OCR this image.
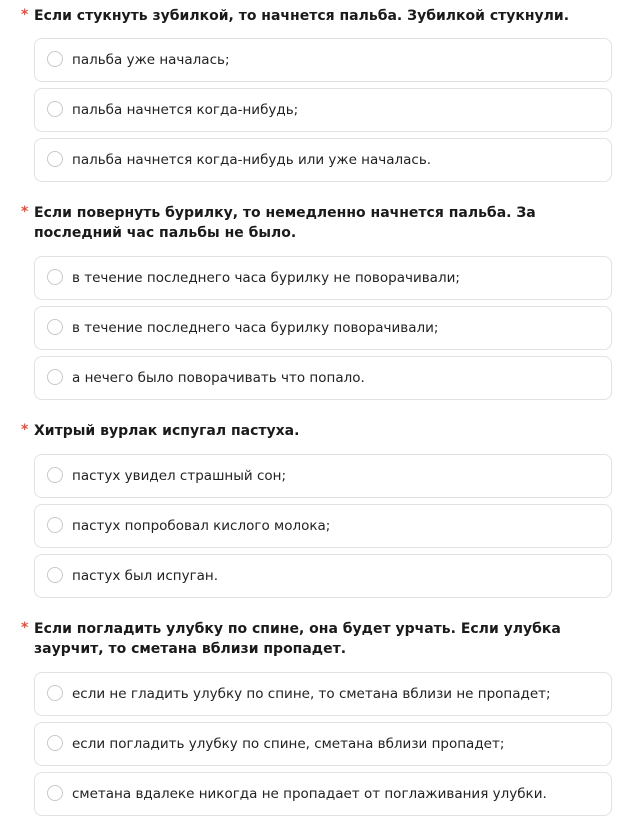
* Если стукнуть зубилкой, то начнется пальба. Зубилкой стукнули.
пальба уже началась;
пальба начнется когда-нибудь;
пальба начнется когда-нибудь или уже началась.
* Если повернуть бурилку, то немедленно начнется пальба. За последний час пальбы не было.
в течение последнего часа бурилку не поворачивали;
в течение последнего часа бурилку поворачивали;
а нечего было поворачивать что попало.
* Хитрый вурлак испугал пастуха.
пастух увидел страшный сон;
пастух попробовал кислого молока;
пастух был испуган.
* Если погладить улубку по спине, она будет урчать. Если улубка заурчит, то сметана вблизи пропадет.
если не гладить улубку по спине, то сметана вблизи не пропадет;
если погладить улубку по спине, сметана вблизи пропадет;
сметана вдалеке никогда не пропадает от поглаживания улубки.
